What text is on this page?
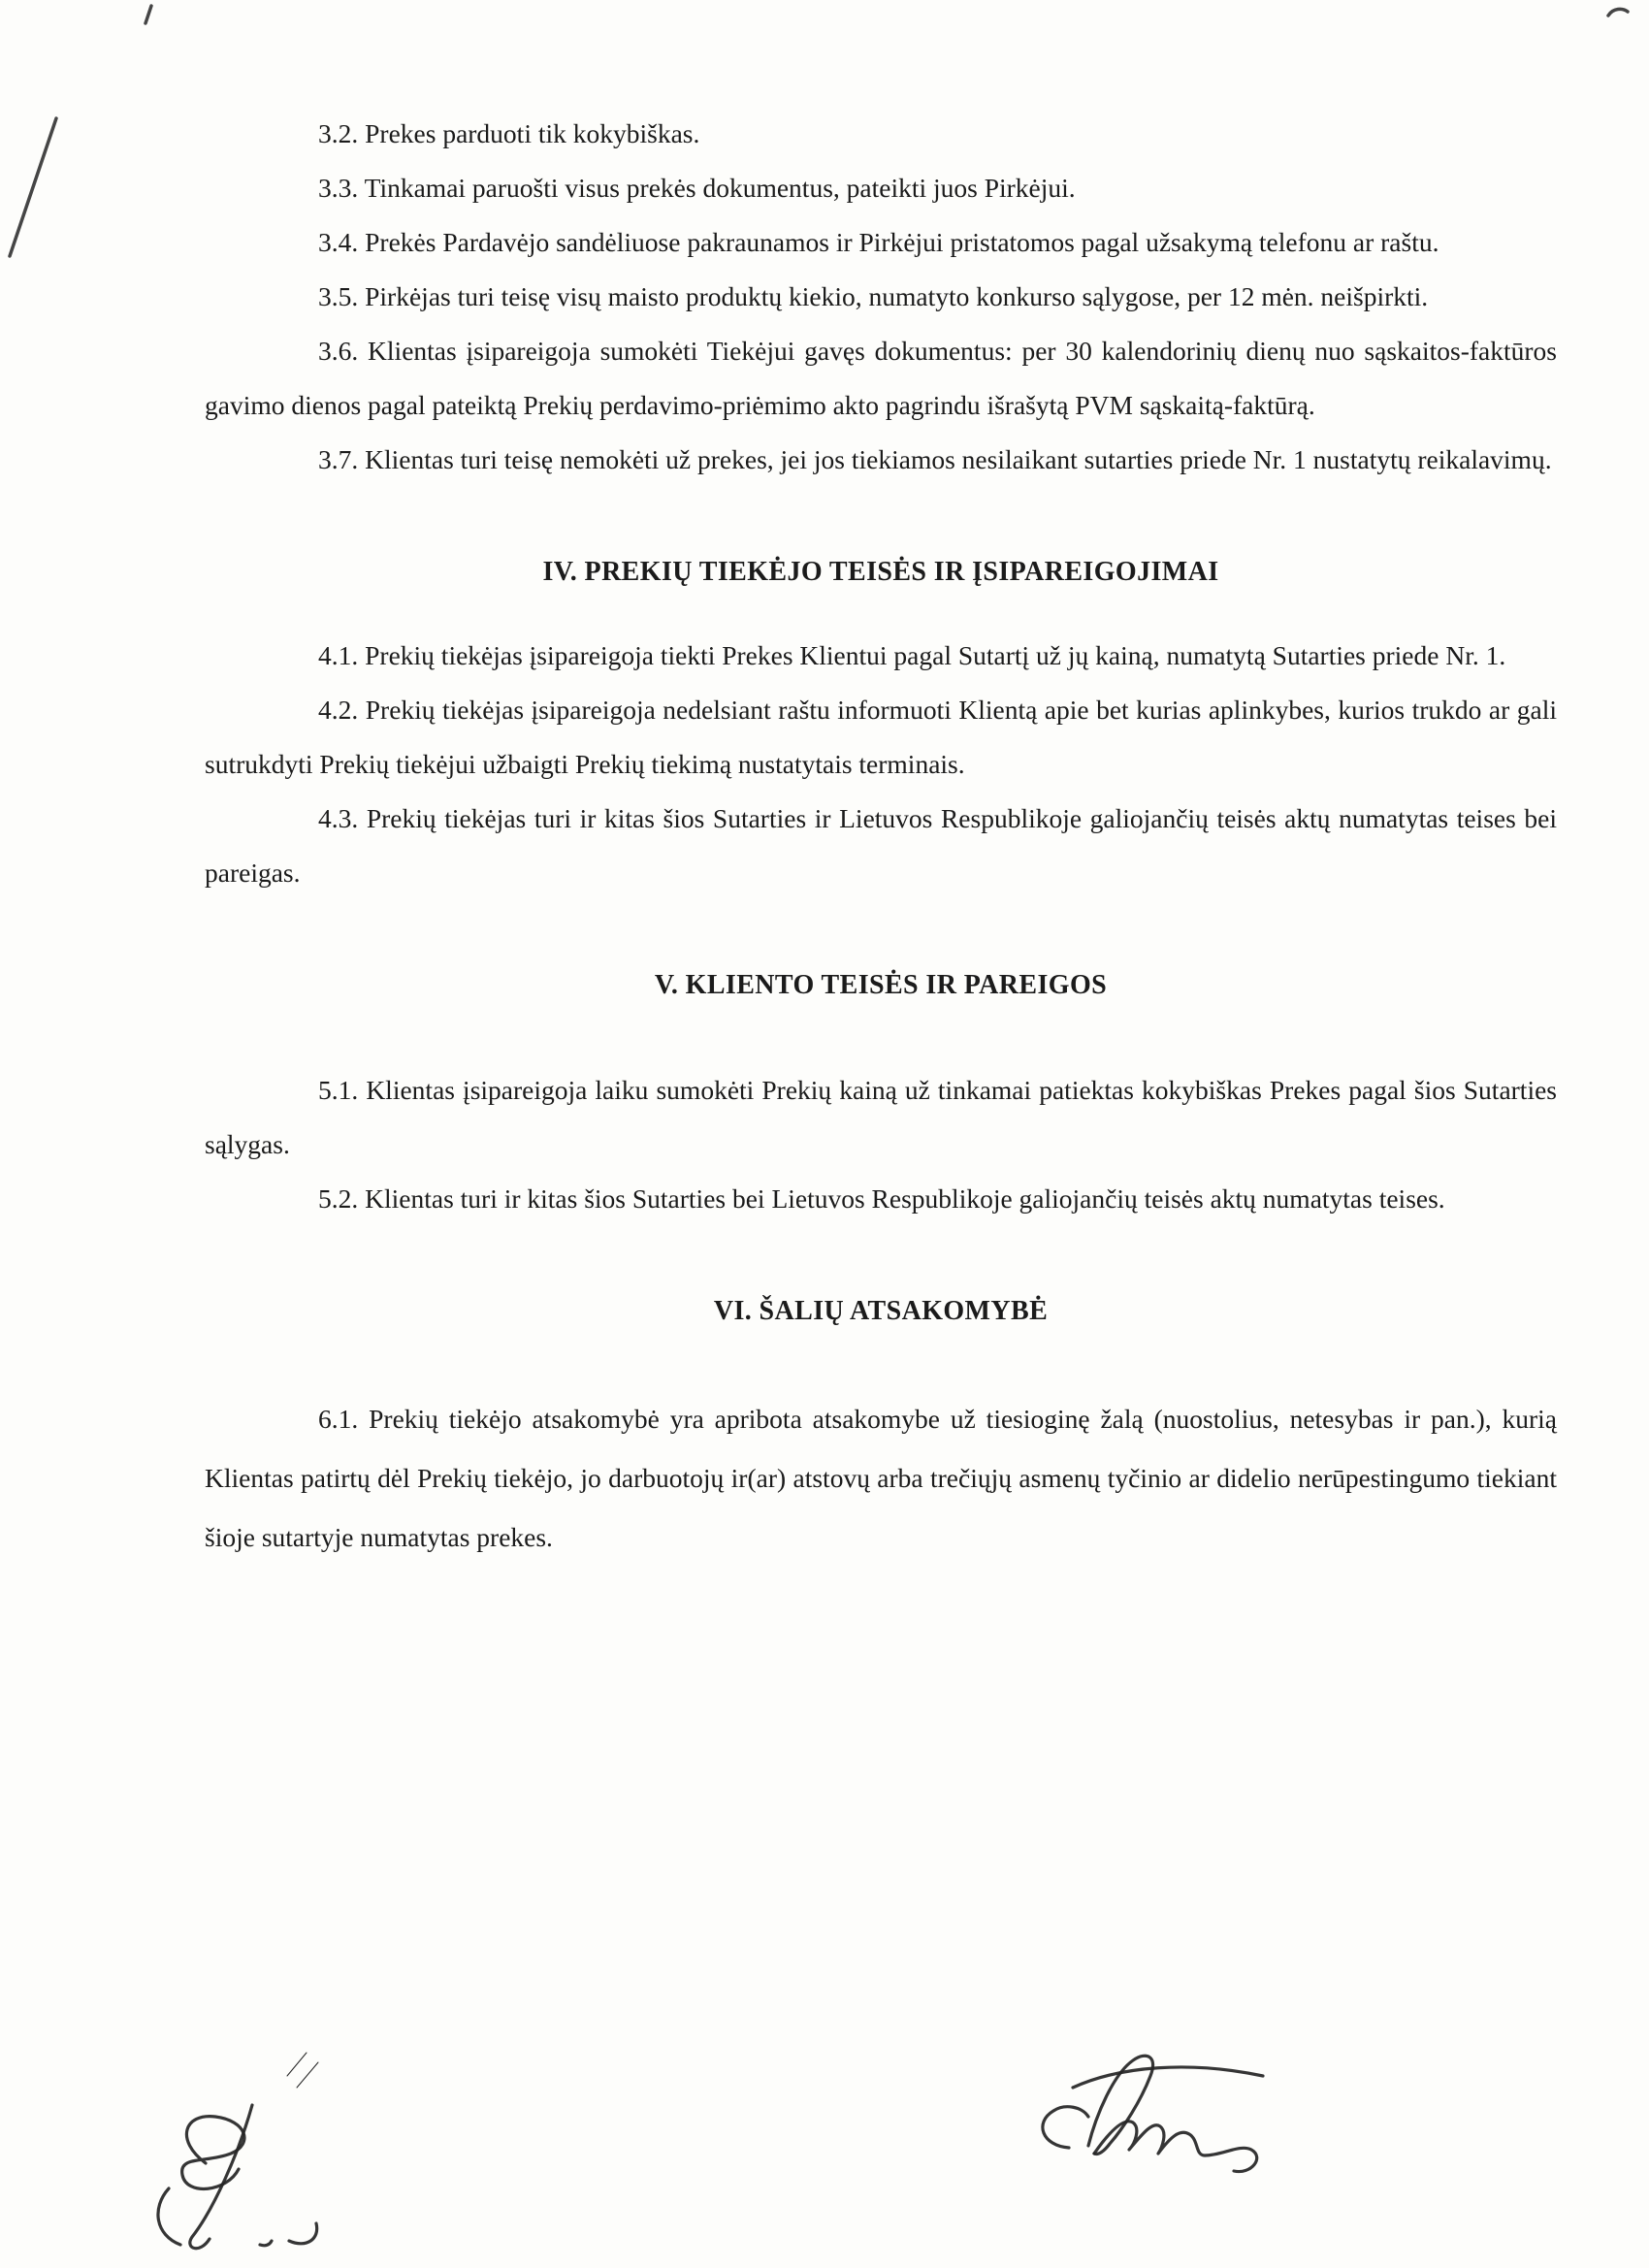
3.2. Prekes parduoti tik kokybiškas.

3.3. Tinkamai paruošti visus prekės dokumentus, pateikti juos Pirkėjui.

3.4. Prekės Pardavėjo sandėliuose pakraunamos ir Pirkėjui pristatomos pagal užsakymą telefonu ar raštu.

3.5. Pirkėjas turi teisę visų maisto produktų kiekio, numatyto konkurso sąlygose, per 12 mėn. neišpirkti.

3.6. Klientas įsipareigoja sumokėti Tiekėjui gavęs dokumentus: per 30 kalendorinių dienų nuo sąskaitos-faktūros gavimo dienos pagal pateiktą Prekių perdavimo-priėmimo akto pagrindu išrašytą PVM sąskaitą-faktūrą.

3.7. Klientas turi teisę nemokėti už prekes, jei jos tiekiamos nesilaikant sutarties priede Nr. 1 nustatytų reikalavimų.

IV. PREKIŲ TIEKĖJO TEISĖS IR ĮSIPAREIGOJIMAI

4.1. Prekių tiekėjas įsipareigoja tiekti Prekes Klientui pagal Sutartį už jų kainą, numatytą Sutarties priede Nr. 1.

4.2. Prekių tiekėjas įsipareigoja nedelsiant raštu informuoti Klientą apie bet kurias aplinkybes, kurios trukdo ar gali sutrukdyti Prekių tiekėjui užbaigti Prekių tiekimą nustatytais terminais.

4.3. Prekių tiekėjas turi ir kitas šios Sutarties ir Lietuvos Respublikoje galiojančių teisės aktų numatytas teises bei pareigas.

V. KLIENTO TEISĖS IR PAREIGOS

5.1. Klientas įsipareigoja laiku sumokėti Prekių kainą už tinkamai patiektas kokybiškas Prekes pagal šios Sutarties sąlygas.

5.2. Klientas turi ir kitas šios Sutarties bei Lietuvos Respublikoje galiojančių teisės aktų numatytas teises.

VI. ŠALIŲ ATSAKOMYBĖ

6.1. Prekių tiekėjo atsakomybė yra apribota atsakomybe už tiesioginę žalą (nuostolius, netesybas ir pan.), kurią Klientas patirtų dėl Prekių tiekėjo, jo darbuotojų ir(ar) atstovų arba trečiųjų asmenų tyčinio ar didelio nerūpestingumo tiekiant šioje sutartyje numatytas prekes.
